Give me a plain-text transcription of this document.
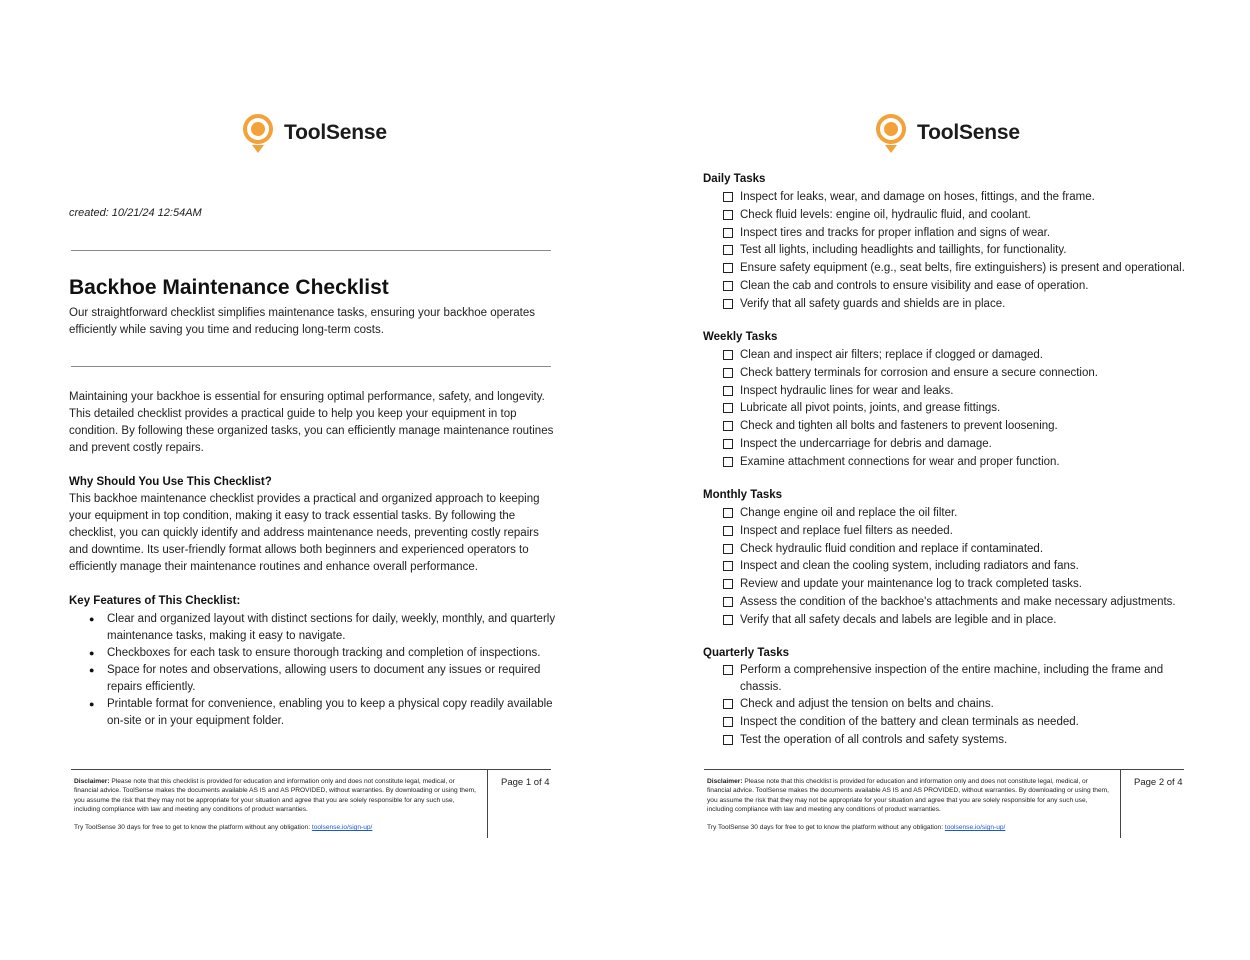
ToolSense
created: 10/21/24 12:54AM
Backhoe Maintenance Checklist

Our straightforward checklist simplifies maintenance tasks, ensuring your backhoe operates efficiently while saving you time and reducing long-term costs.

Maintaining your backhoe is essential for ensuring optimal performance, safety, and longevity. This detailed checklist provides a practical guide to help you keep your equipment in top condition. By following these organized tasks, you can efficiently manage maintenance routines and prevent costly repairs.

Why Should You Use This Checklist?

This backhoe maintenance checklist provides a practical and organized approach to keeping your equipment in top condition, making it easy to track essential tasks. By following the checklist, you can quickly identify and address maintenance needs, preventing costly repairs and downtime. Its user-friendly format allows both beginners and experienced operators to efficiently manage their maintenance routines and enhance overall performance.

Key Features of This Checklist:
● Clear and organized layout with distinct sections for daily, weekly, monthly, and quarterly maintenance tasks, making it easy to navigate.
● Checkboxes for each task to ensure thorough tracking and completion of inspections.
● Space for notes and observations, allowing users to document any issues or required repairs efficiently.
● Printable format for convenience, enabling you to keep a physical copy readily available on-site or in your equipment folder.
Disclaimer: Please note that this checklist is provided for education and information only and does not constitute legal, medical, or financial advice. ToolSense makes the documents available AS IS and AS PROVIDED, without warranties. By downloading or using them, you assume the risk that they may not be appropriate for your situation and agree that you are solely responsible for any such use, including compliance with law and meeting any conditions of product warranties.
Try ToolSense 30 days for free to get to know the platform without any obligation: toolsense.io/sign-up/
Page 1 of 4
ToolSense
Daily Tasks
Inspect for leaks, wear, and damage on hoses, fittings, and the frame.
Check fluid levels: engine oil, hydraulic fluid, and coolant.
Inspect tires and tracks for proper inflation and signs of wear.
Test all lights, including headlights and taillights, for functionality.
Ensure safety equipment (e.g., seat belts, fire extinguishers) is present and operational.
Clean the cab and controls to ensure visibility and ease of operation.
Verify that all safety guards and shields are in place.
Weekly Tasks
Clean and inspect air filters; replace if clogged or damaged.
Check battery terminals for corrosion and ensure a secure connection.
Inspect hydraulic lines for wear and leaks.
Lubricate all pivot points, joints, and grease fittings.
Check and tighten all bolts and fasteners to prevent loosening.
Inspect the undercarriage for debris and damage.
Examine attachment connections for wear and proper function.
Monthly Tasks
Change engine oil and replace the oil filter.
Inspect and replace fuel filters as needed.
Check hydraulic fluid condition and replace if contaminated.
Inspect and clean the cooling system, including radiators and fans.
Review and update your maintenance log to track completed tasks.
Assess the condition of the backhoe's attachments and make necessary adjustments.
Verify that all safety decals and labels are legible and in place.
Quarterly Tasks
Perform a comprehensive inspection of the entire machine, including the frame and chassis.
Check and adjust the tension on belts and chains.
Inspect the condition of the battery and clean terminals as needed.
Test the operation of all controls and safety systems.
Disclaimer: Please note that this checklist is provided for education and information only and does not constitute legal, medical, or financial advice. ToolSense makes the documents available AS IS and AS PROVIDED, without warranties. By downloading or using them, you assume the risk that they may not be appropriate for your situation and agree that you are solely responsible for any such use, including compliance with law and meeting any conditions of product warranties.
Try ToolSense 30 days for free to get to know the platform without any obligation: toolsense.io/sign-up/
Page 2 of 4
